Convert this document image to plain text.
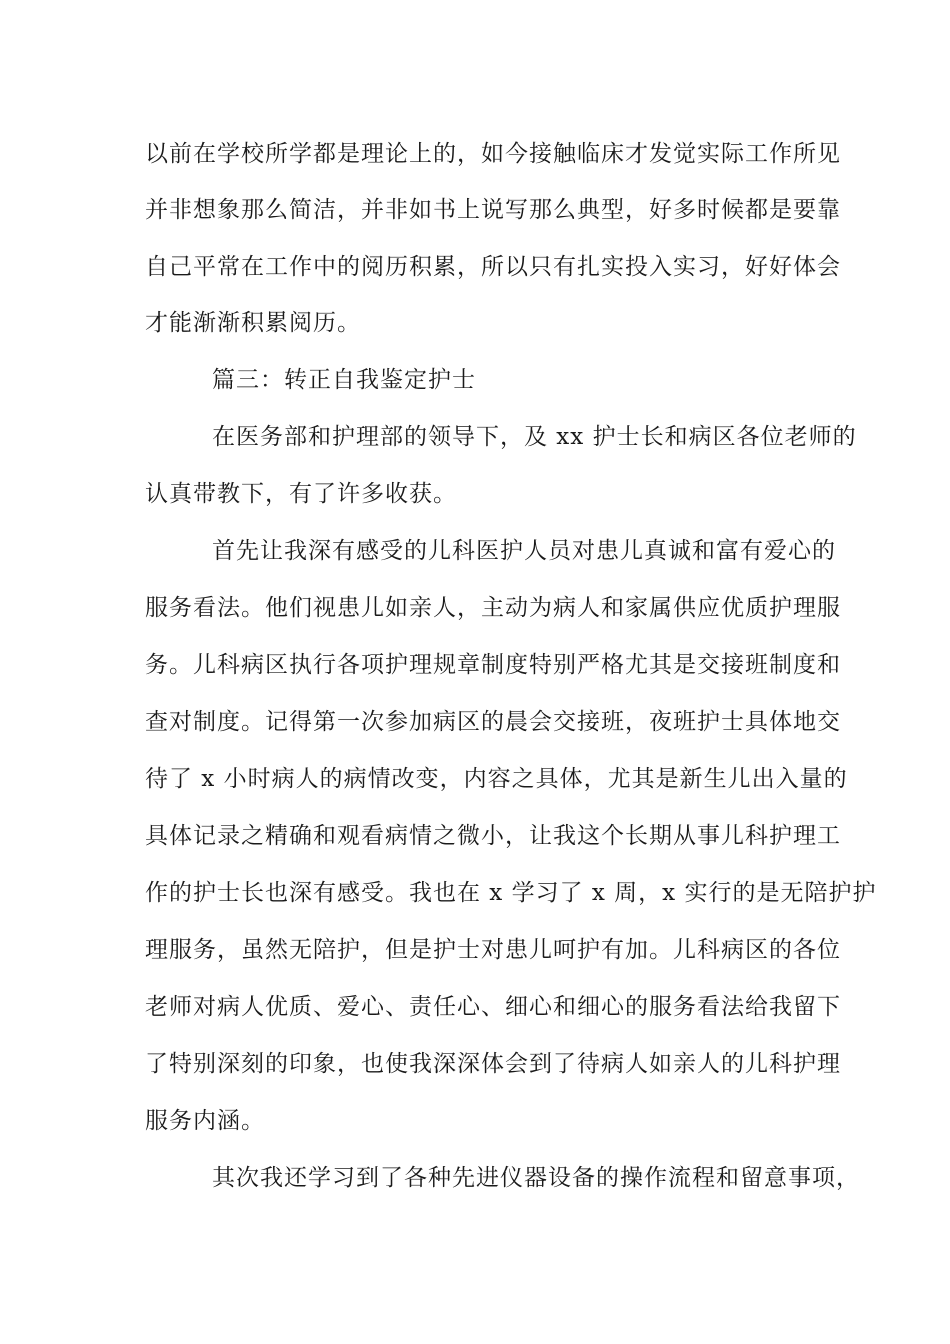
以前在学校所学都是理论上的，如今接触临床才发觉实际工作所见
并非想象那么简洁，并非如书上说写那么典型，好多时候都是要靠
自己平常在工作中的阅历积累，所以只有扎实投入实习，好好体会
才能渐渐积累阅历。
篇三：转正自我鉴定护士
在医务部和护理部的领导下，及 xx 护士长和病区各位老师的
认真带教下，有了许多收获。
首先让我深有感受的儿科医护人员对患儿真诚和富有爱心的
服务看法。他们视患儿如亲人，主动为病人和家属供应优质护理服
务。儿科病区执行各项护理规章制度特别严格尤其是交接班制度和
查对制度。记得第一次参加病区的晨会交接班，夜班护士具体地交
待了 x 小时病人的病情改变，内容之具体，尤其是新生儿出入量的
具体记录之精确和观看病情之微小，让我这个长期从事儿科护理工
作的护士长也深有感受。我也在 x 学习了 x 周，x 实行的是无陪护护
理服务，虽然无陪护，但是护士对患儿呵护有加。儿科病区的各位
老师对病人优质、爱心、责任心、细心和细心的服务看法给我留下
了特别深刻的印象，也使我深深体会到了待病人如亲人的儿科护理
服务内涵。
其次我还学习到了各种先进仪器设备的操作流程和留意事项，
